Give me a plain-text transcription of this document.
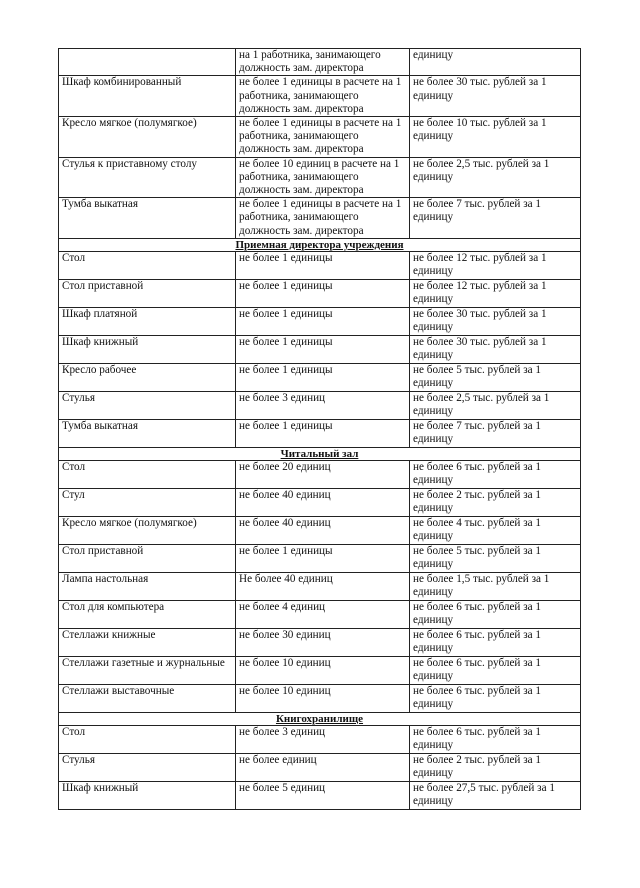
	на 1 работника, занимающего должность зам. директора	единицу
Шкаф комбинированный	не более 1 единицы в расчете на 1 работника, занимающего должность зам. директора	не более 30 тыс. рублей за 1 единицу
Кресло мягкое (полумягкое)	не более 1 единицы в расчете на 1 работника, занимающего должность зам. директора	не более 10 тыс. рублей за 1 единицу
Стулья к приставному столу	не более 10 единиц в расчете на 1 работника, занимающего должность зам. директора	не более 2,5 тыс. рублей за 1 единицу
Тумба выкатная	не более 1 единицы в расчете на 1 работника, занимающего должность зам. директора	не более 7 тыс. рублей за 1 единицу
Приемная директора учреждения		
Стол	не более 1 единицы	не более 12 тыс. рублей за 1 единицу
Стол приставной	не более 1 единицы	не более 12 тыс. рублей за 1 единицу
Шкаф платяной	не более 1 единицы	не более 30 тыс. рублей за 1 единицу
Шкаф книжный	не более 1 единицы	не более 30 тыс. рублей за 1 единицу
Кресло рабочее	не более 1 единицы	не более 5 тыс. рублей за 1 единицу
Стулья	не более 3 единиц	не более 2,5 тыс. рублей за 1 единицу
Тумба выкатная	не более 1 единицы	не более 7 тыс. рублей за 1 единицу
Читальный зал		
Стол	не более 20 единиц	не более 6 тыс. рублей за 1 единицу
Стул	не более 40 единиц	не более 2 тыс. рублей за 1 единицу
Кресло мягкое (полумягкое)	не более 40 единиц	не более 4 тыс. рублей за 1 единицу
Стол приставной	не более 1 единицы	не более 5 тыс. рублей за 1 единицу
Лампа настольная	Не более 40 единиц	не более 1,5 тыс. рублей за 1 единицу
Стол для компьютера	не более 4 единиц	не более 6 тыс. рублей за 1 единицу
Стеллажи книжные	не более 30 единиц	не более 6 тыс. рублей за 1 единицу
Стеллажи газетные и журнальные	не более 10 единиц	не более 6 тыс. рублей за 1 единицу
Стеллажи выставочные	не более 10 единиц	не более 6 тыс. рублей за 1 единицу
Книгохранилище		
Стол	не более 3 единиц	не более 6 тыс. рублей за 1 единицу
Стулья	не более единиц	не более 2 тыс. рублей за 1 единицу
Шкаф книжный	не более 5 единиц	не более 27,5 тыс. рублей за 1 единицу
